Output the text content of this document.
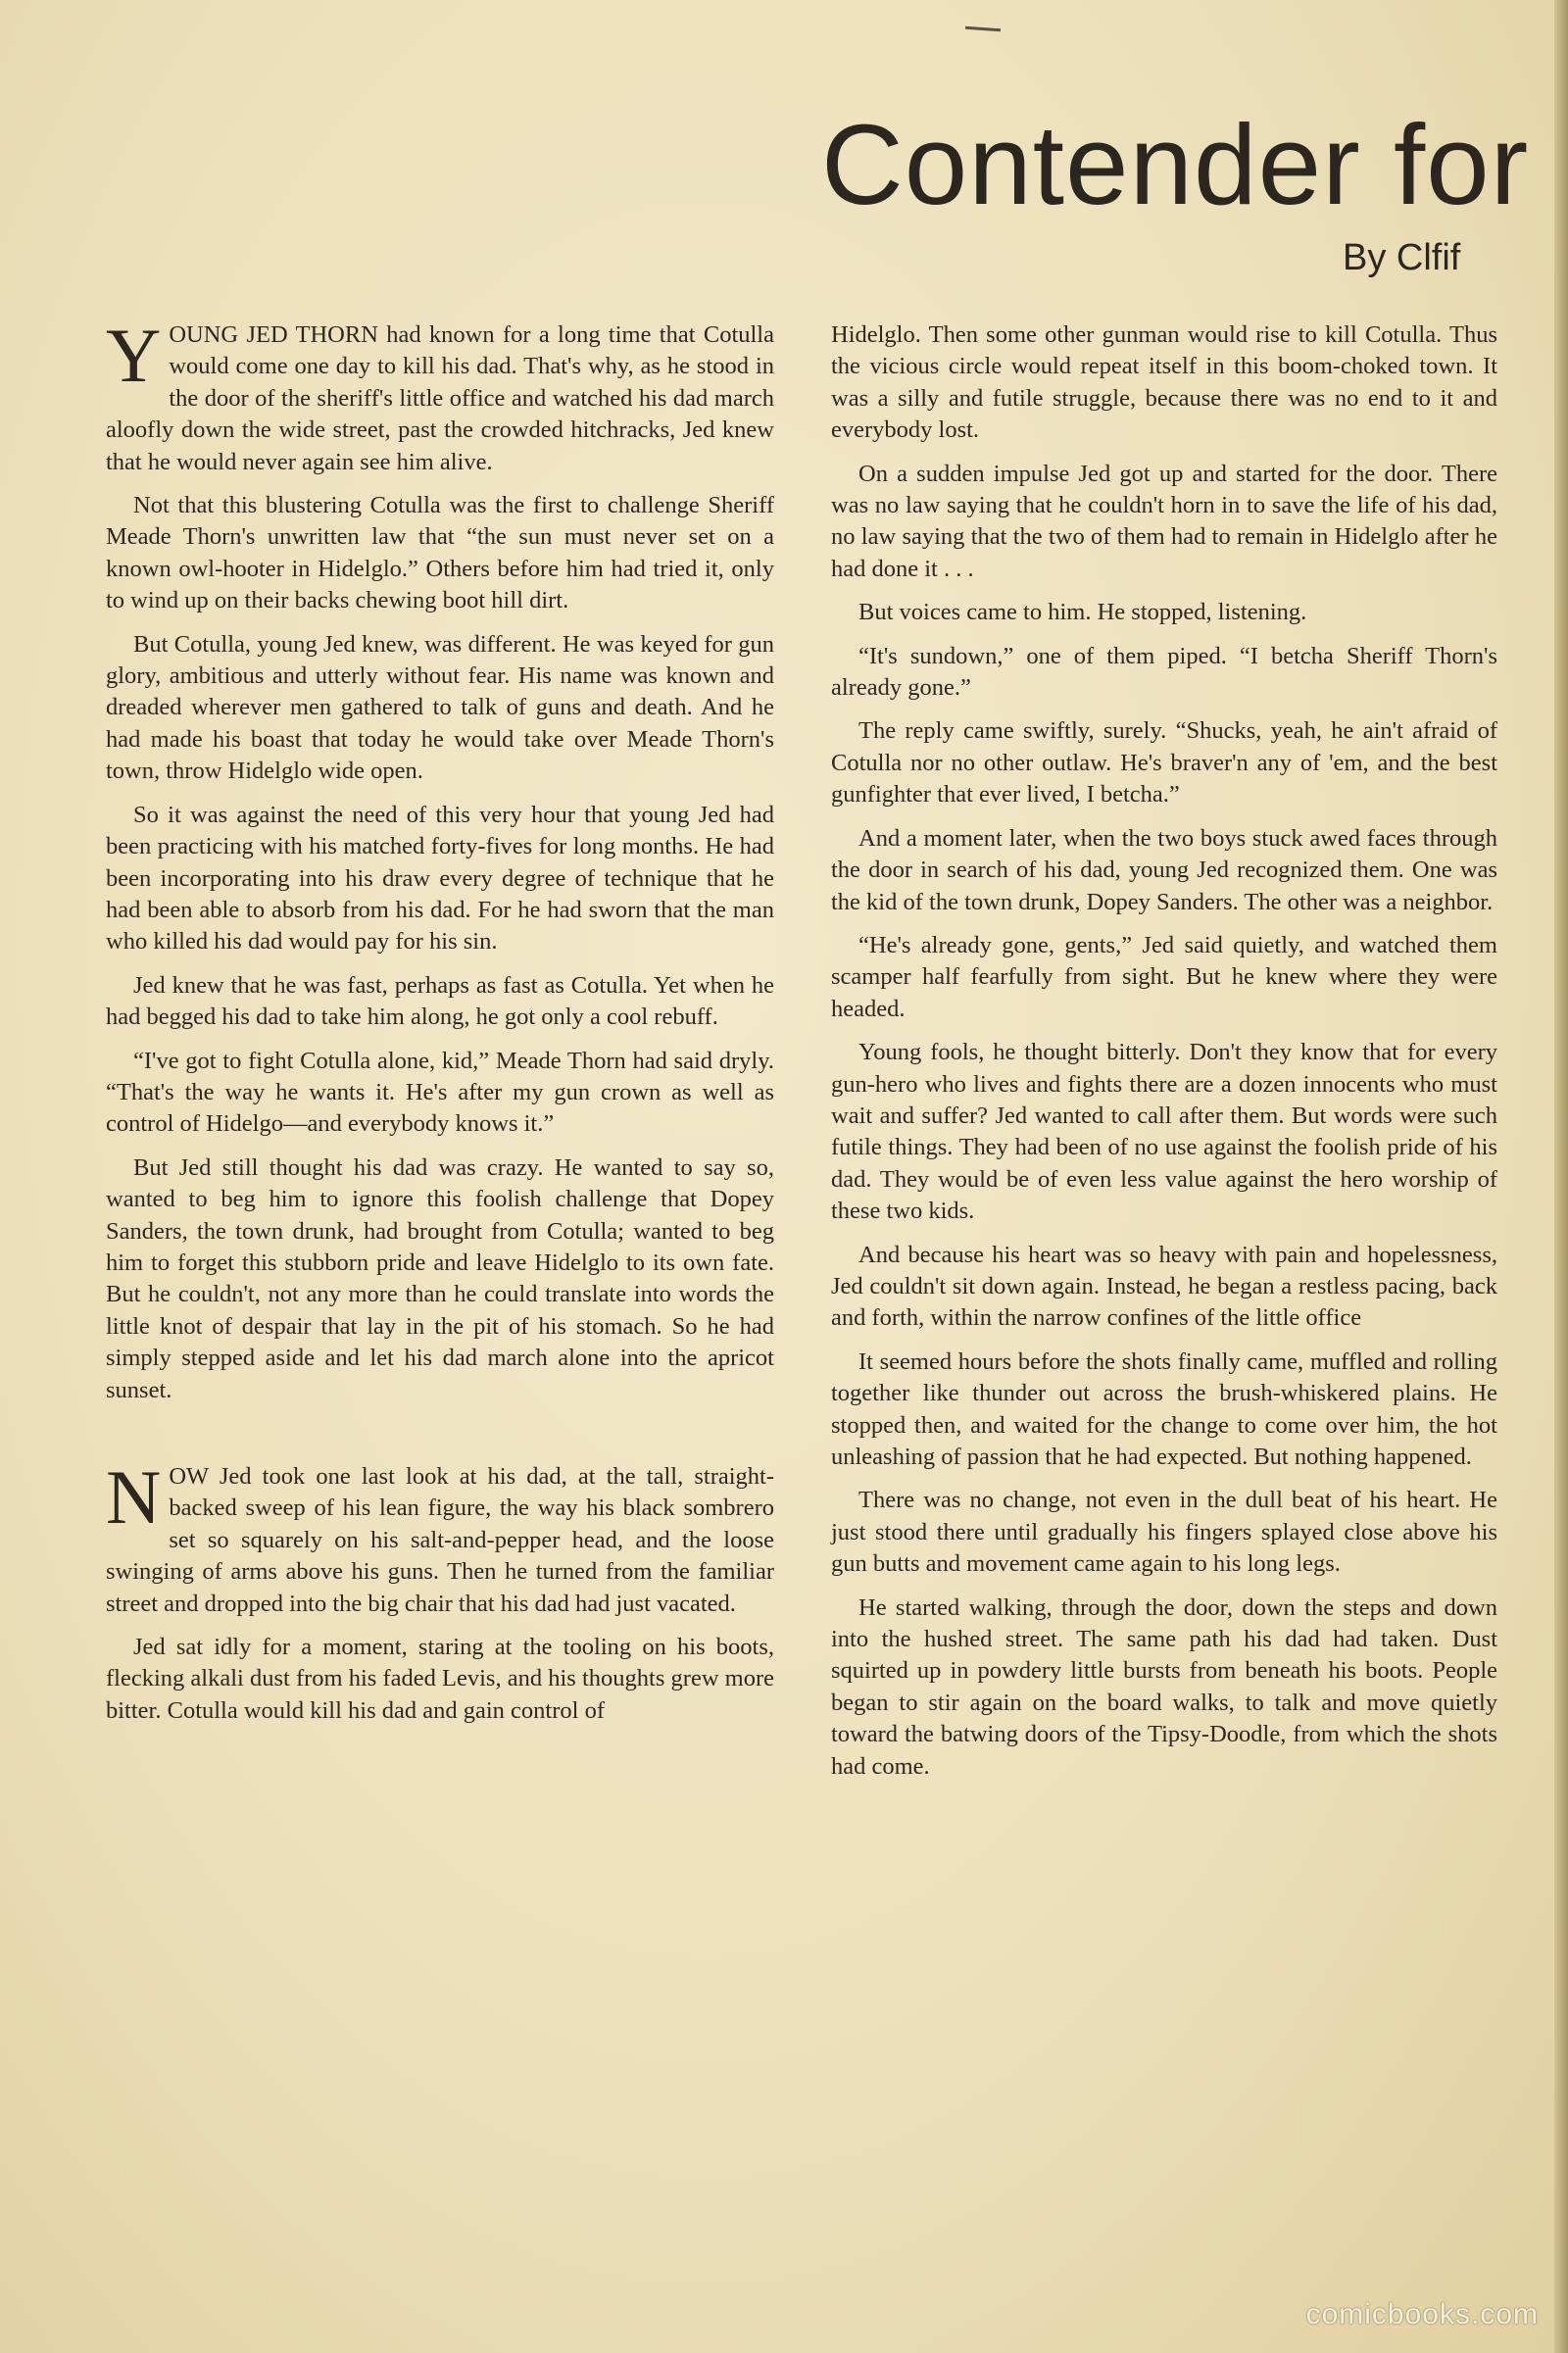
Contender for
By Clfif

YOUNG JED THORN had known for a long time that Cotulla would come one day to kill his dad. That's why, as he stood in the door of the sheriff's little office and watched his dad march aloofly down the wide street, past the crowded hitchracks, Jed knew that he would never again see him alive.

Not that this blustering Cotulla was the first to challenge Sheriff Meade Thorn's unwritten law that “the sun must never set on a known owl-hooter in Hidelglo.” Others before him had tried it, only to wind up on their backs chewing boot hill dirt.

But Cotulla, young Jed knew, was different. He was keyed for gun glory, ambitious and utterly without fear. His name was known and dreaded wherever men gathered to talk of guns and death. And he had made his boast that today he would take over Meade Thorn's town, throw Hidelglo wide open.

So it was against the need of this very hour that young Jed had been practicing with his matched forty-fives for long months. He had been incorporating into his draw every degree of technique that he had been able to absorb from his dad. For he had sworn that the man who killed his dad would pay for his sin.

Jed knew that he was fast, perhaps as fast as Cotulla. Yet when he had begged his dad to take him along, he got only a cool rebuff.

“I've got to fight Cotulla alone, kid,” Meade Thorn had said dryly. “That's the way he wants it. He's after my gun crown as well as control of Hidelgo—and everybody knows it.”

But Jed still thought his dad was crazy. He wanted to say so, wanted to beg him to ignore this foolish challenge that Dopey Sanders, the town drunk, had brought from Cotulla; wanted to beg him to forget this stubborn pride and leave Hidelglo to its own fate. But he couldn't, not any more than he could translate into words the little knot of despair that lay in the pit of his stomach. So he had simply stepped aside and let his dad march alone into the apricot sunset.

NOW Jed took one last look at his dad, at the tall, straight-backed sweep of his lean figure, the way his black sombrero set so squarely on his salt-and-pepper head, and the loose swinging of arms above his guns. Then he turned from the familiar street and dropped into the big chair that his dad had just vacated.

Jed sat idly for a moment, staring at the tooling on his boots, flecking alkali dust from his faded Levis, and his thoughts grew more bitter. Cotulla would kill his dad and gain control of

Hidelglo. Then some other gunman would rise to kill Cotulla. Thus the vicious circle would repeat itself in this boom-choked town. It was a silly and futile struggle, because there was no end to it and everybody lost.

On a sudden impulse Jed got up and started for the door. There was no law saying that he couldn't horn in to save the life of his dad, no law saying that the two of them had to remain in Hidelglo after he had done it . . .

But voices came to him. He stopped, listening.

“It's sundown,” one of them piped. “I betcha Sheriff Thorn's already gone.”

The reply came swiftly, surely. “Shucks, yeah, he ain't afraid of Cotulla nor no other outlaw. He's braver'n any of 'em, and the best gunfighter that ever lived, I betcha.”

And a moment later, when the two boys stuck awed faces through the door in search of his dad, young Jed recognized them. One was the kid of the town drunk, Dopey Sanders. The other was a neighbor.

“He's already gone, gents,” Jed said quietly, and watched them scamper half fearfully from sight. But he knew where they were headed.

Young fools, he thought bitterly. Don't they know that for every gun-hero who lives and fights there are a dozen innocents who must wait and suffer? Jed wanted to call after them. But words were such futile things. They had been of no use against the foolish pride of his dad. They would be of even less value against the hero worship of these two kids.

And because his heart was so heavy with pain and hopelessness, Jed couldn't sit down again. Instead, he began a restless pacing, back and forth, within the narrow confines of the little office

It seemed hours before the shots finally came, muffled and rolling together like thunder out across the brush-whiskered plains. He stopped then, and waited for the change to come over him, the hot unleashing of passion that he had expected. But nothing happened.

There was no change, not even in the dull beat of his heart. He just stood there until gradually his fingers splayed close above his gun butts and movement came again to his long legs.

He started walking, through the door, down the steps and down into the hushed street. The same path his dad had taken. Dust squirted up in powdery little bursts from beneath his boots. People began to stir again on the board walks, to talk and move quietly toward the batwing doors of the Tipsy-Doodle, from which the shots had come.

comicbooks.com
